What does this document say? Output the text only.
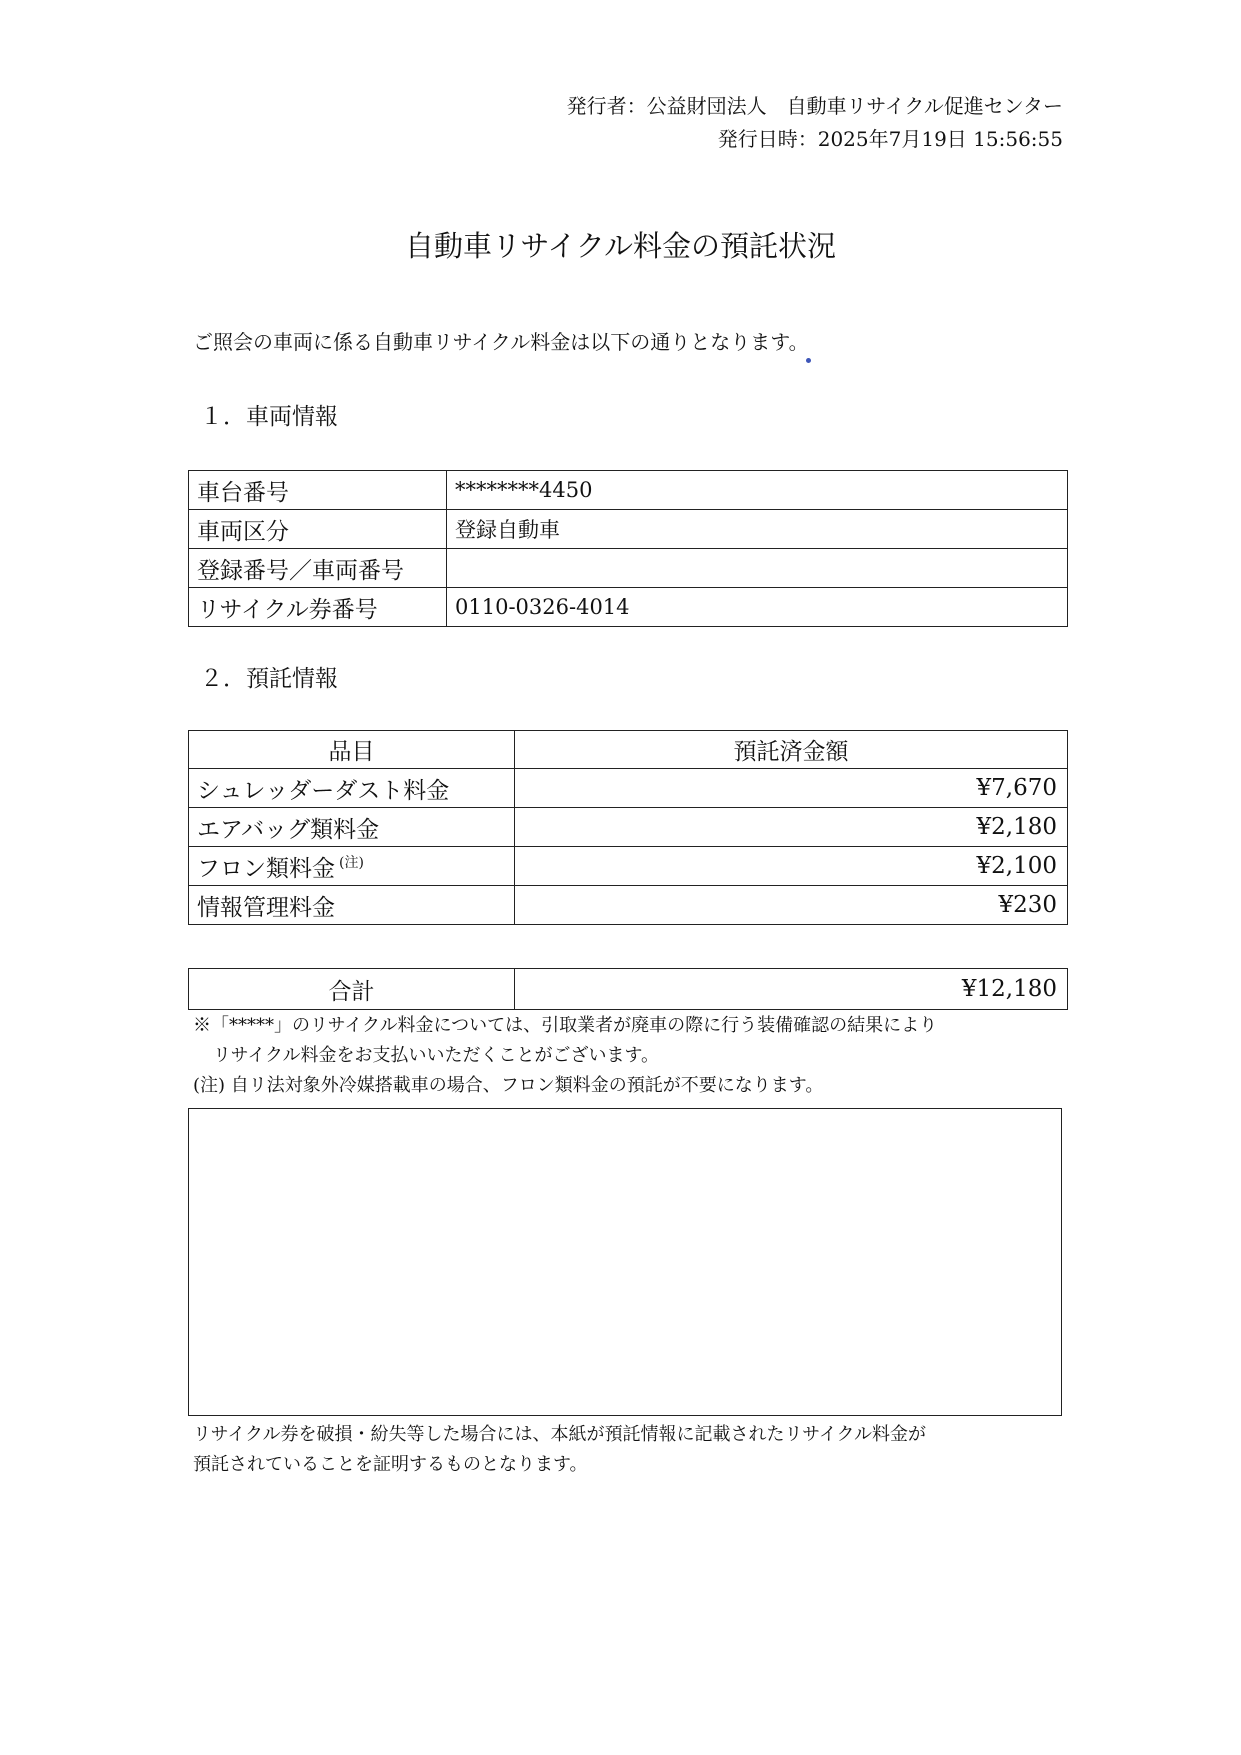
発行者：公益財団法人　自動車リサイクル促進センター
発行日時：2025年7月19日 15:56:55
自動車リサイクル料金の預託状況
ご照会の車両に係る自動車リサイクル料金は以下の通りとなります。
１．車両情報
車台番号	********4450
車両区分	登録自動車
登録番号／車両番号	
リサイクル券番号	0110-0326-4014
２．預託情報
品目	預託済金額
シュレッダーダスト料金	¥7,670
エアバッグ類料金	¥2,180
フロン類料金 $^{(注)}$	¥2,100
情報管理料金	¥230
合計	¥12,180
※「*****」のリサイクル料金については、引取業者が廃車の際に行う装備確認の結果により
リサイクル料金をお支払いいただくことがございます。
(注) 自リ法対象外冷媒搭載車の場合、フロン類料金の預託が不要になります。
リサイクル券を破損・紛失等した場合には、本紙が預託情報に記載されたリサイクル料金が
預託されていることを証明するものとなります。
